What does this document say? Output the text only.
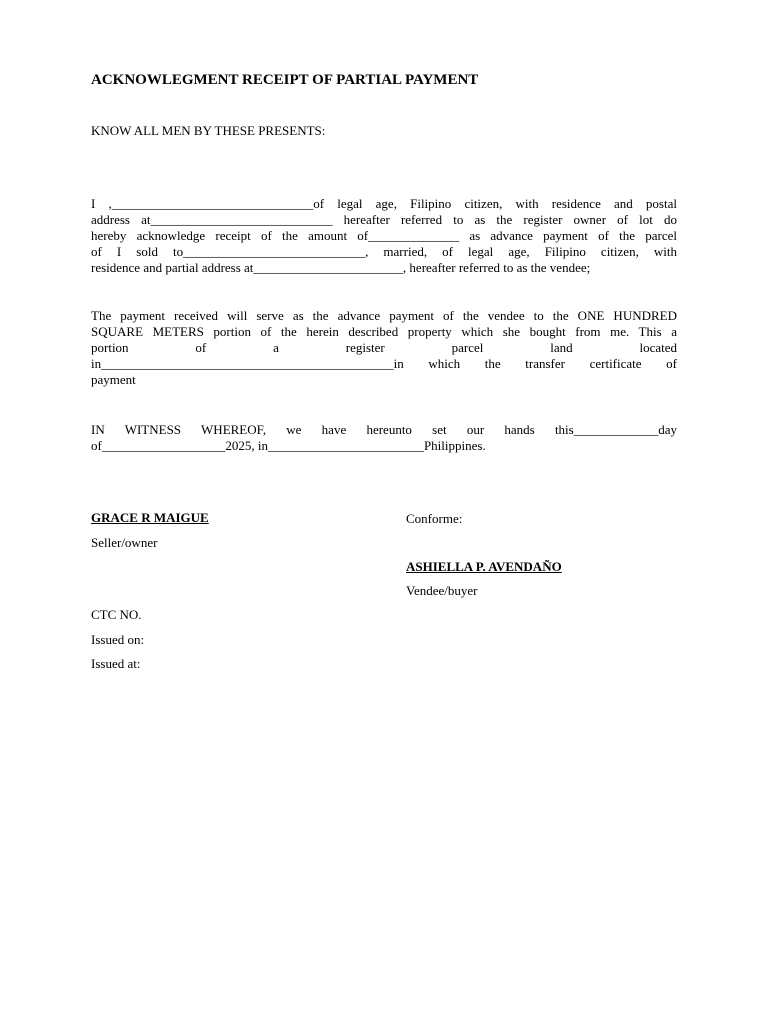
ACKNOWLEGMENT RECEIPT OF PARTIAL PAYMENT
KNOW ALL MEN BY THESE PRESENTS:
I ,_______________________________of legal age, Filipino citizen, with residence and postal
address at____________________________ hereafter referred to as the register owner of lot do
hereby acknowledge receipt of the amount of______________ as advance payment of the parcel
of I sold to____________________________, married, of legal age, Filipino citizen, with
residence and partial address at_______________________, hereafter referred to as the vendee;
The payment received will serve as the advance payment of the vendee to the ONE HUNDRED
SQUARE METERS portion of the herein described property which she bought from me. This a
portion of a register parcel land located
in_____________________________________________in which the transfer certificate of
payment
IN WITNESS WHEREOF, we have hereunto set our hands this_____________day
of___________________2025, in________________________Philippines.
GRACE R MAIGUE
Seller/owner
Conforme:
ASHIELLA P. AVENDAÑO
Vendee/buyer
CTC NO.
Issued on:
Issued at:
